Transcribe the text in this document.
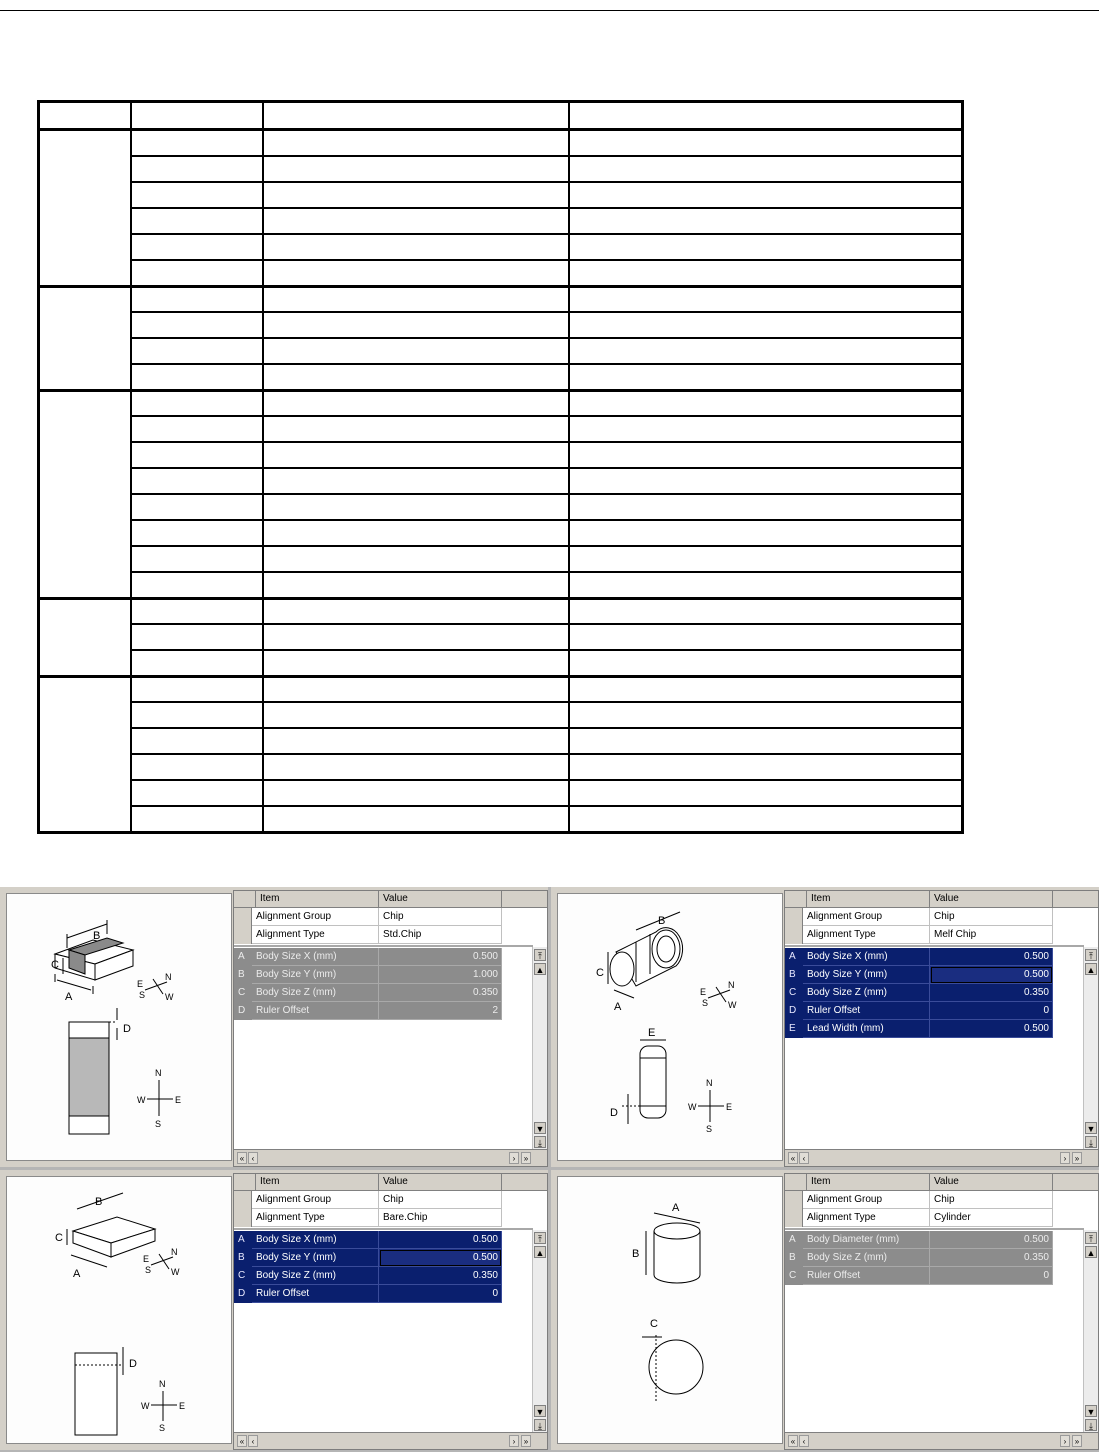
B
C
A
N
E
S W
D
N
S
W	E
Item	Value
Alignment Group	Chip
Alignment Type	Std.Chip
A	Body Size X (mm)	0.500
B	Body Size Y (mm)	1.000
C	Body Size Z (mm)	0.350
D	Ruler Offset	2
⤒
▲
▼
⤓
« ‹	›	»
B
C
A
N
E
S W
E
D
N
S
W	E
Item	Value
Alignment Group	Chip
Alignment Type	Melf Chip
A	Body Size X (mm)	0.500
B	Body Size Y (mm)	0.500
C	Body Size Z (mm)	0.350
D	Ruler Offset	0
E	Lead Width (mm)	0.500
⤒
▲
▼
⤓
« ‹	›	»
B
C
A
N
E
S W
D
N
S
W	E
Item	Value
Alignment Group	Chip
Alignment Type	Bare.Chip
A	Body Size X (mm)	0.500
B	Body Size Y (mm)	0.500
C	Body Size Z (mm)	0.350
D	Ruler Offset	0
⤒
▲
▼
⤓
« ‹	›	»
A
B
C
Item	Value
Alignment Group	Chip
Alignment Type	Cylinder
A	Body Diameter (mm)	0.500
B	Body Size Z (mm)	0.350
C	Ruler Offset	0
⤒
▲
▼
⤓
« ‹	›	»
